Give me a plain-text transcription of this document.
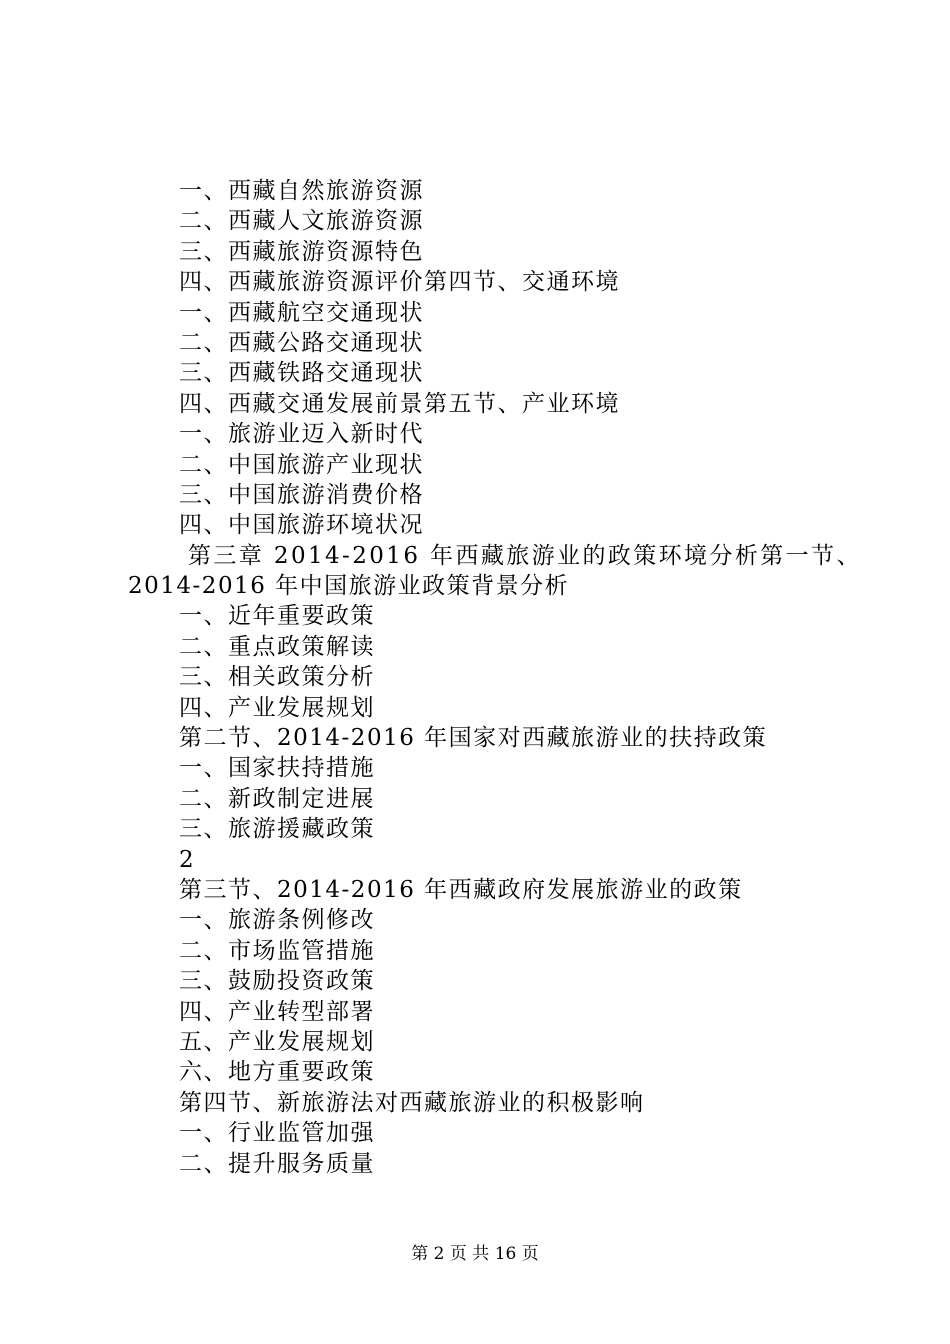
一、西藏自然旅游资源
二、西藏人文旅游资源
三、西藏旅游资源特色
四、西藏旅游资源评价第四节、交通环境
一、西藏航空交通现状
二、西藏公路交通现状
三、西藏铁路交通现状
四、西藏交通发展前景第五节、产业环境
一、旅游业迈入新时代
二、中国旅游产业现状
三、中国旅游消费价格
四、中国旅游环境状况
第三章 2014-2016 年西藏旅游业的政策环境分析第一节、
2014-2016 年中国旅游业政策背景分析
一、近年重要政策
二、重点政策解读
三、相关政策分析
四、产业发展规划
第二节、2014-2016 年国家对西藏旅游业的扶持政策
一、国家扶持措施
二、新政制定进展
三、旅游援藏政策
2
第三节、2014-2016 年西藏政府发展旅游业的政策
一、旅游条例修改
二、市场监管措施
三、鼓励投资政策
四、产业转型部署
五、产业发展规划
六、地方重要政策
第四节、新旅游法对西藏旅游业的积极影响
一、行业监管加强
二、提升服务质量
第 2 页 共 16 页
